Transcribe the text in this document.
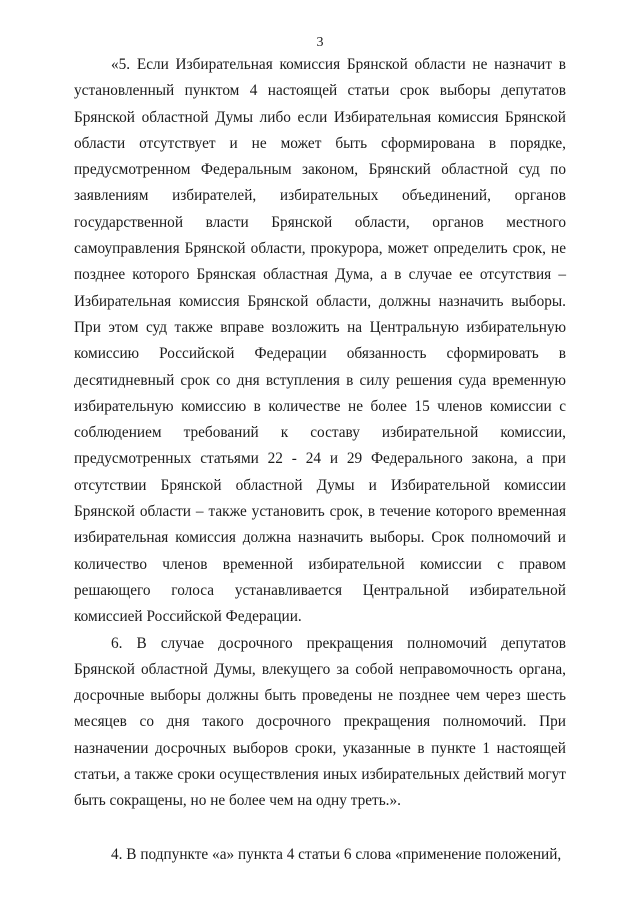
3

«5. Если Избирательная комиссия Брянской области не назначит в установленный пунктом 4 настоящей статьи срок выборы депутатов Брянской областной Думы либо если Избирательная комиссия Брянской области отсутствует и не может быть сформирована в порядке, предусмотренном Федеральным законом, Брянский областной суд по заявлениям избирателей, избирательных объединений, органов государственной власти Брянской области, органов местного самоуправления Брянской области, прокурора, может определить срок, не позднее которого Брянская областная Дума, а в случае ее отсутствия – Избирательная комиссия Брянской области, должны назначить выборы. При этом суд также вправе возложить на Центральную избирательную комиссию Российской Федерации обязанность сформировать в десятидневный срок со дня вступления в силу решения суда временную избирательную комиссию в количестве не более 15 членов комиссии с соблюдением требований к составу избирательной комиссии, предусмотренных статьями 22 - 24 и 29 Федерального закона, а при отсутствии Брянской областной Думы и Избирательной комиссии Брянской области – также установить срок, в течение которого временная избирательная комиссия должна назначить выборы. Срок полномочий и количество членов временной избирательной комиссии с правом решающего голоса устанавливается Центральной избирательной комиссией Российской Федерации.

6. В случае досрочного прекращения полномочий депутатов Брянской областной Думы, влекущего за собой неправомочность органа, досрочные выборы должны быть проведены не позднее чем через шесть месяцев со дня такого досрочного прекращения полномочий. При назначении досрочных выборов сроки, указанные в пункте 1 настоящей статьи, а также сроки осуществления иных избирательных действий могут быть сокращены, но не более чем на одну треть.».

4. В подпункте «а» пункта 4 статьи 6 слова «применение положений,
